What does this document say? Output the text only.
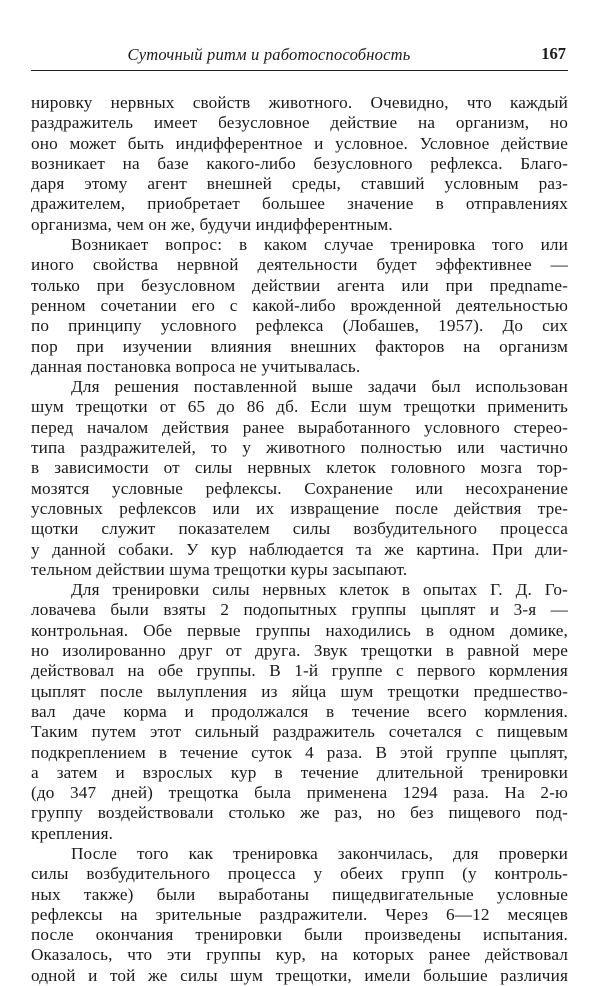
Суточный ритм и работоспособность	167
нировку нервных свойств животного. Очевидно, что каждый
раздражитель имеет безусловное действие на организм, но
оно может быть индифферентное и условное. Условное действие
возникает на базе какого-либо безусловного рефлекса. Благо-
даря этому агент внешней среды, ставший условным раз-
дражителем, приобретает большее значение в отправлениях
организма, чем он же, будучи индифферентным.
Возникает вопрос: в каком случае тренировка того или
иного свойства нервной деятельности будет эффективнее —
только при безусловном действии агента или при предname-
ренном сочетании его с какой-либо врожденной деятельностью
по принципу условного рефлекса (Лобашев, 1957). До сих
пор при изучении влияния внешних факторов на организм
данная постановка вопроса не учитывалась.
Для решения поставленной выше задачи был использован
шум трещотки от 65 до 86 дб. Если шум трещотки применить
перед началом действия ранее выработанного условного стерео-
типа раздражителей, то у животного полностью или частично
в зависимости от силы нервных клеток головного мозга тор-
мозятся условные рефлексы. Сохранение или несохранение
условных рефлексов или их извращение после действия тре-
щотки служит показателем силы возбудительного процесса
у данной собаки. У кур наблюдается та же картина. При дли-
тельном действии шума трещотки куры засыпают.
Для тренировки силы нервных клеток в опытах Г. Д. Го-
ловачева были взяты 2 подопытных группы цыплят и 3-я —
контрольная. Обе первые группы находились в одном домике,
но изолированно друг от друга. Звук трещотки в равной мере
действовал на обе группы. В 1-й группе с первого кормления
цыплят после вылупления из яйца шум трещотки предшество-
вал даче корма и продолжался в течение всего кормления.
Таким путем этот сильный раздражитель сочетался с пищевым
подкреплением в течение суток 4 раза. В этой группе цыплят,
а затем и взрослых кур в течение длительной тренировки
(до 347 дней) трещотка была применена 1294 раза. На 2-ю
группу воздействовали столько же раз, но без пищевого под-
крепления.
После того как тренировка закончилась, для проверки
силы возбудительного процесса у обеих групп (у контроль-
ных также) были выработаны пищедвигательные условные
рефлексы на зрительные раздражители. Через 6—12 месяцев
после окончания тренировки были произведены испытания.
Оказалось, что эти группы кур, на которых ранее действовал
одной и той же силы шум трещотки, имели большие различия
